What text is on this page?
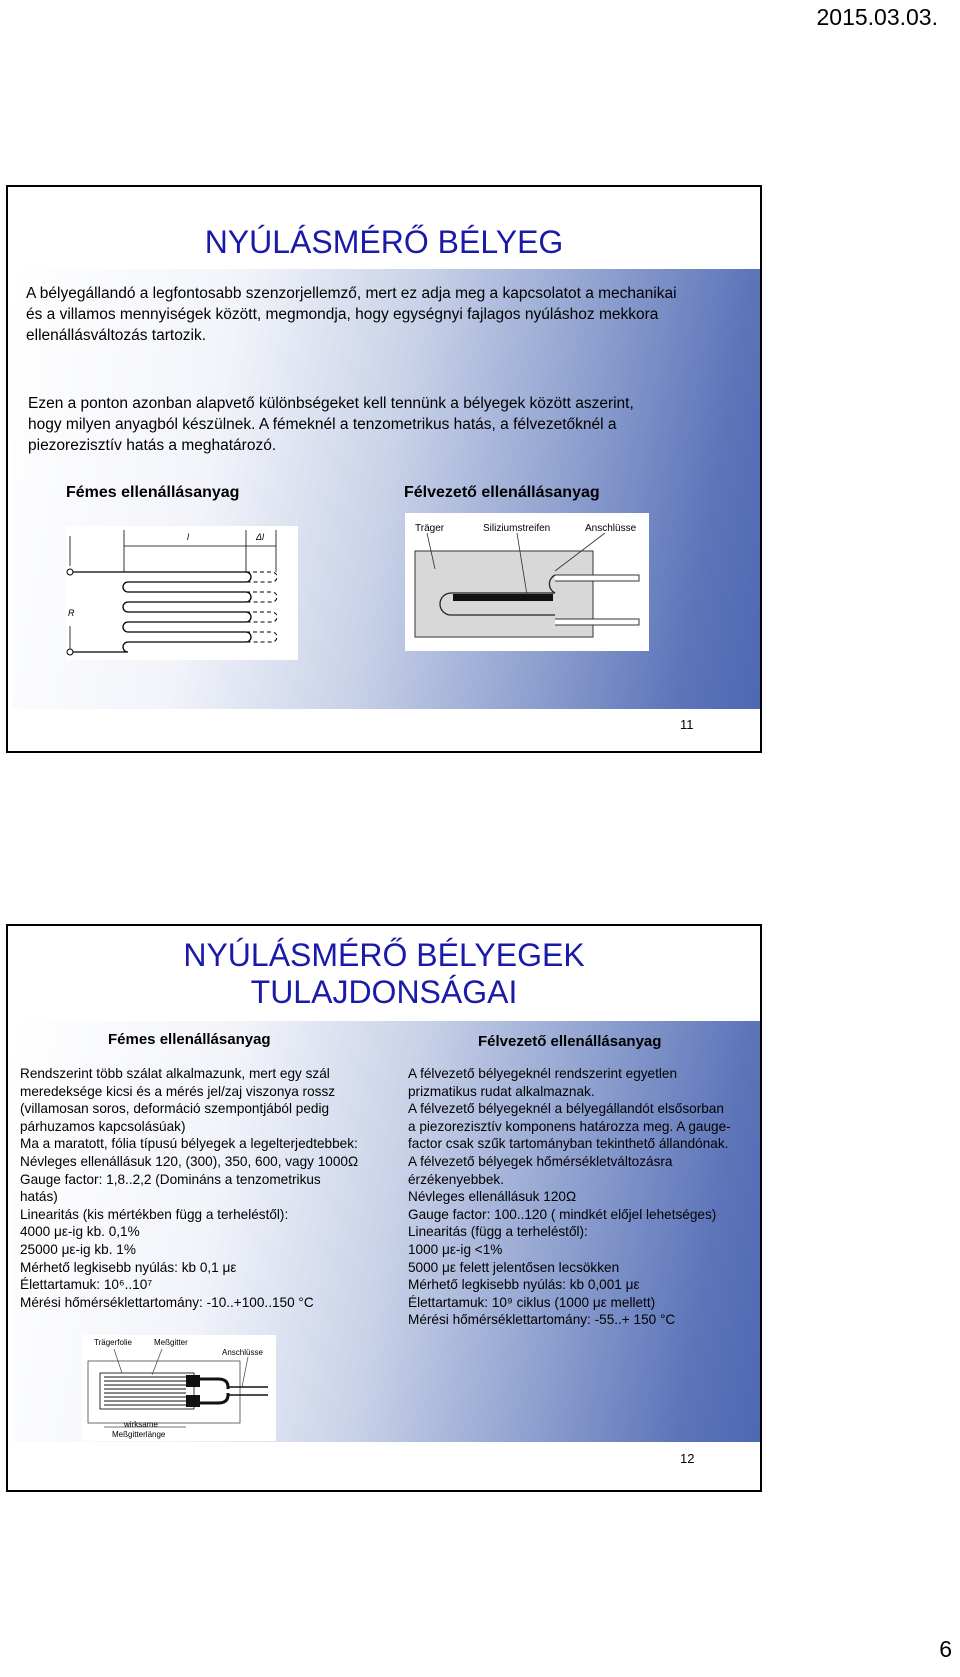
2015.03.03.
NYÚLÁSMÉRŐ BÉLYEG
A bélyegállandó a legfontosabb szenzorjellemző, mert ez adja meg a kapcsolatot a mechanikai
és a villamos mennyiségek között, megmondja, hogy egységnyi fajlagos nyúláshoz mekkora
ellenállásváltozás tartozik.
Ezen a ponton azonban alapvető különbségeket kell tennünk a bélyegek között aszerint,
hogy milyen anyagból készülnek. A fémeknél a tenzometrikus hatás, a félvezetőknél a
piezorezisztív hatás a meghatározó.
Fémes ellenállásanyag	Félvezető ellenállásanyag
l	Δl
R
Träger	Siliziumstreifen	Anschlüsse
11
NYÚLÁSMÉRŐ BÉLYEGEK
TULAJDONSÁGAI
Fémes ellenállásanyag	Félvezető ellenállásanyag
Rendszerint több szálat alkalmazunk, mert egy szál
meredeksége kicsi és a mérés jel/zaj viszonya rossz
(villamosan soros, deformáció szempontjából pedig
párhuzamos kapcsolásúak)
Ma a maratott, fólia típusú bélyegek a legelterjedtebbek:
Névleges ellenállásuk 120, (300), 350, 600, vagy 1000Ω
Gauge factor: 1,8..2,2 (Domináns a tenzometrikus
hatás)
Linearitás (kis mértékben függ a terheléstől):
4000 με-ig kb. 0,1%
25000 με-ig kb. 1%
Mérhető legkisebb nyúlás: kb 0,1 με
Élettartamuk: 10⁶..10⁷
Mérési hőmérséklettartomány: -10..+100..150 °C
A félvezető bélyegeknél rendszerint egyetlen
prizmatikus rudat alkalmaznak.
A félvezető bélyegeknél a bélyegállandót elsősorban
a piezorezisztív komponens határozza meg. A gauge-
factor csak szűk tartományban tekinthető állandónak.
A félvezető bélyegek hőmérsékletváltozásra
érzékenyebbek.
Névleges ellenállásuk 120Ω
Gauge factor: 100..120 ( mindkét előjel lehetséges)
Linearitás (függ a terheléstől):
1000 με-ig <1%
5000 με felett jelentősen lecsökken
Mérhető legkisebb nyúlás: kb 0,001 με
Élettartamuk: 10⁹ ciklus (1000 με mellett)
Mérési hőmérséklettartomány: -55..+ 150 °C
Trägerfolie	Meßgitter
Anschlüsse
wirksame
Meßgitterlänge
12
6
